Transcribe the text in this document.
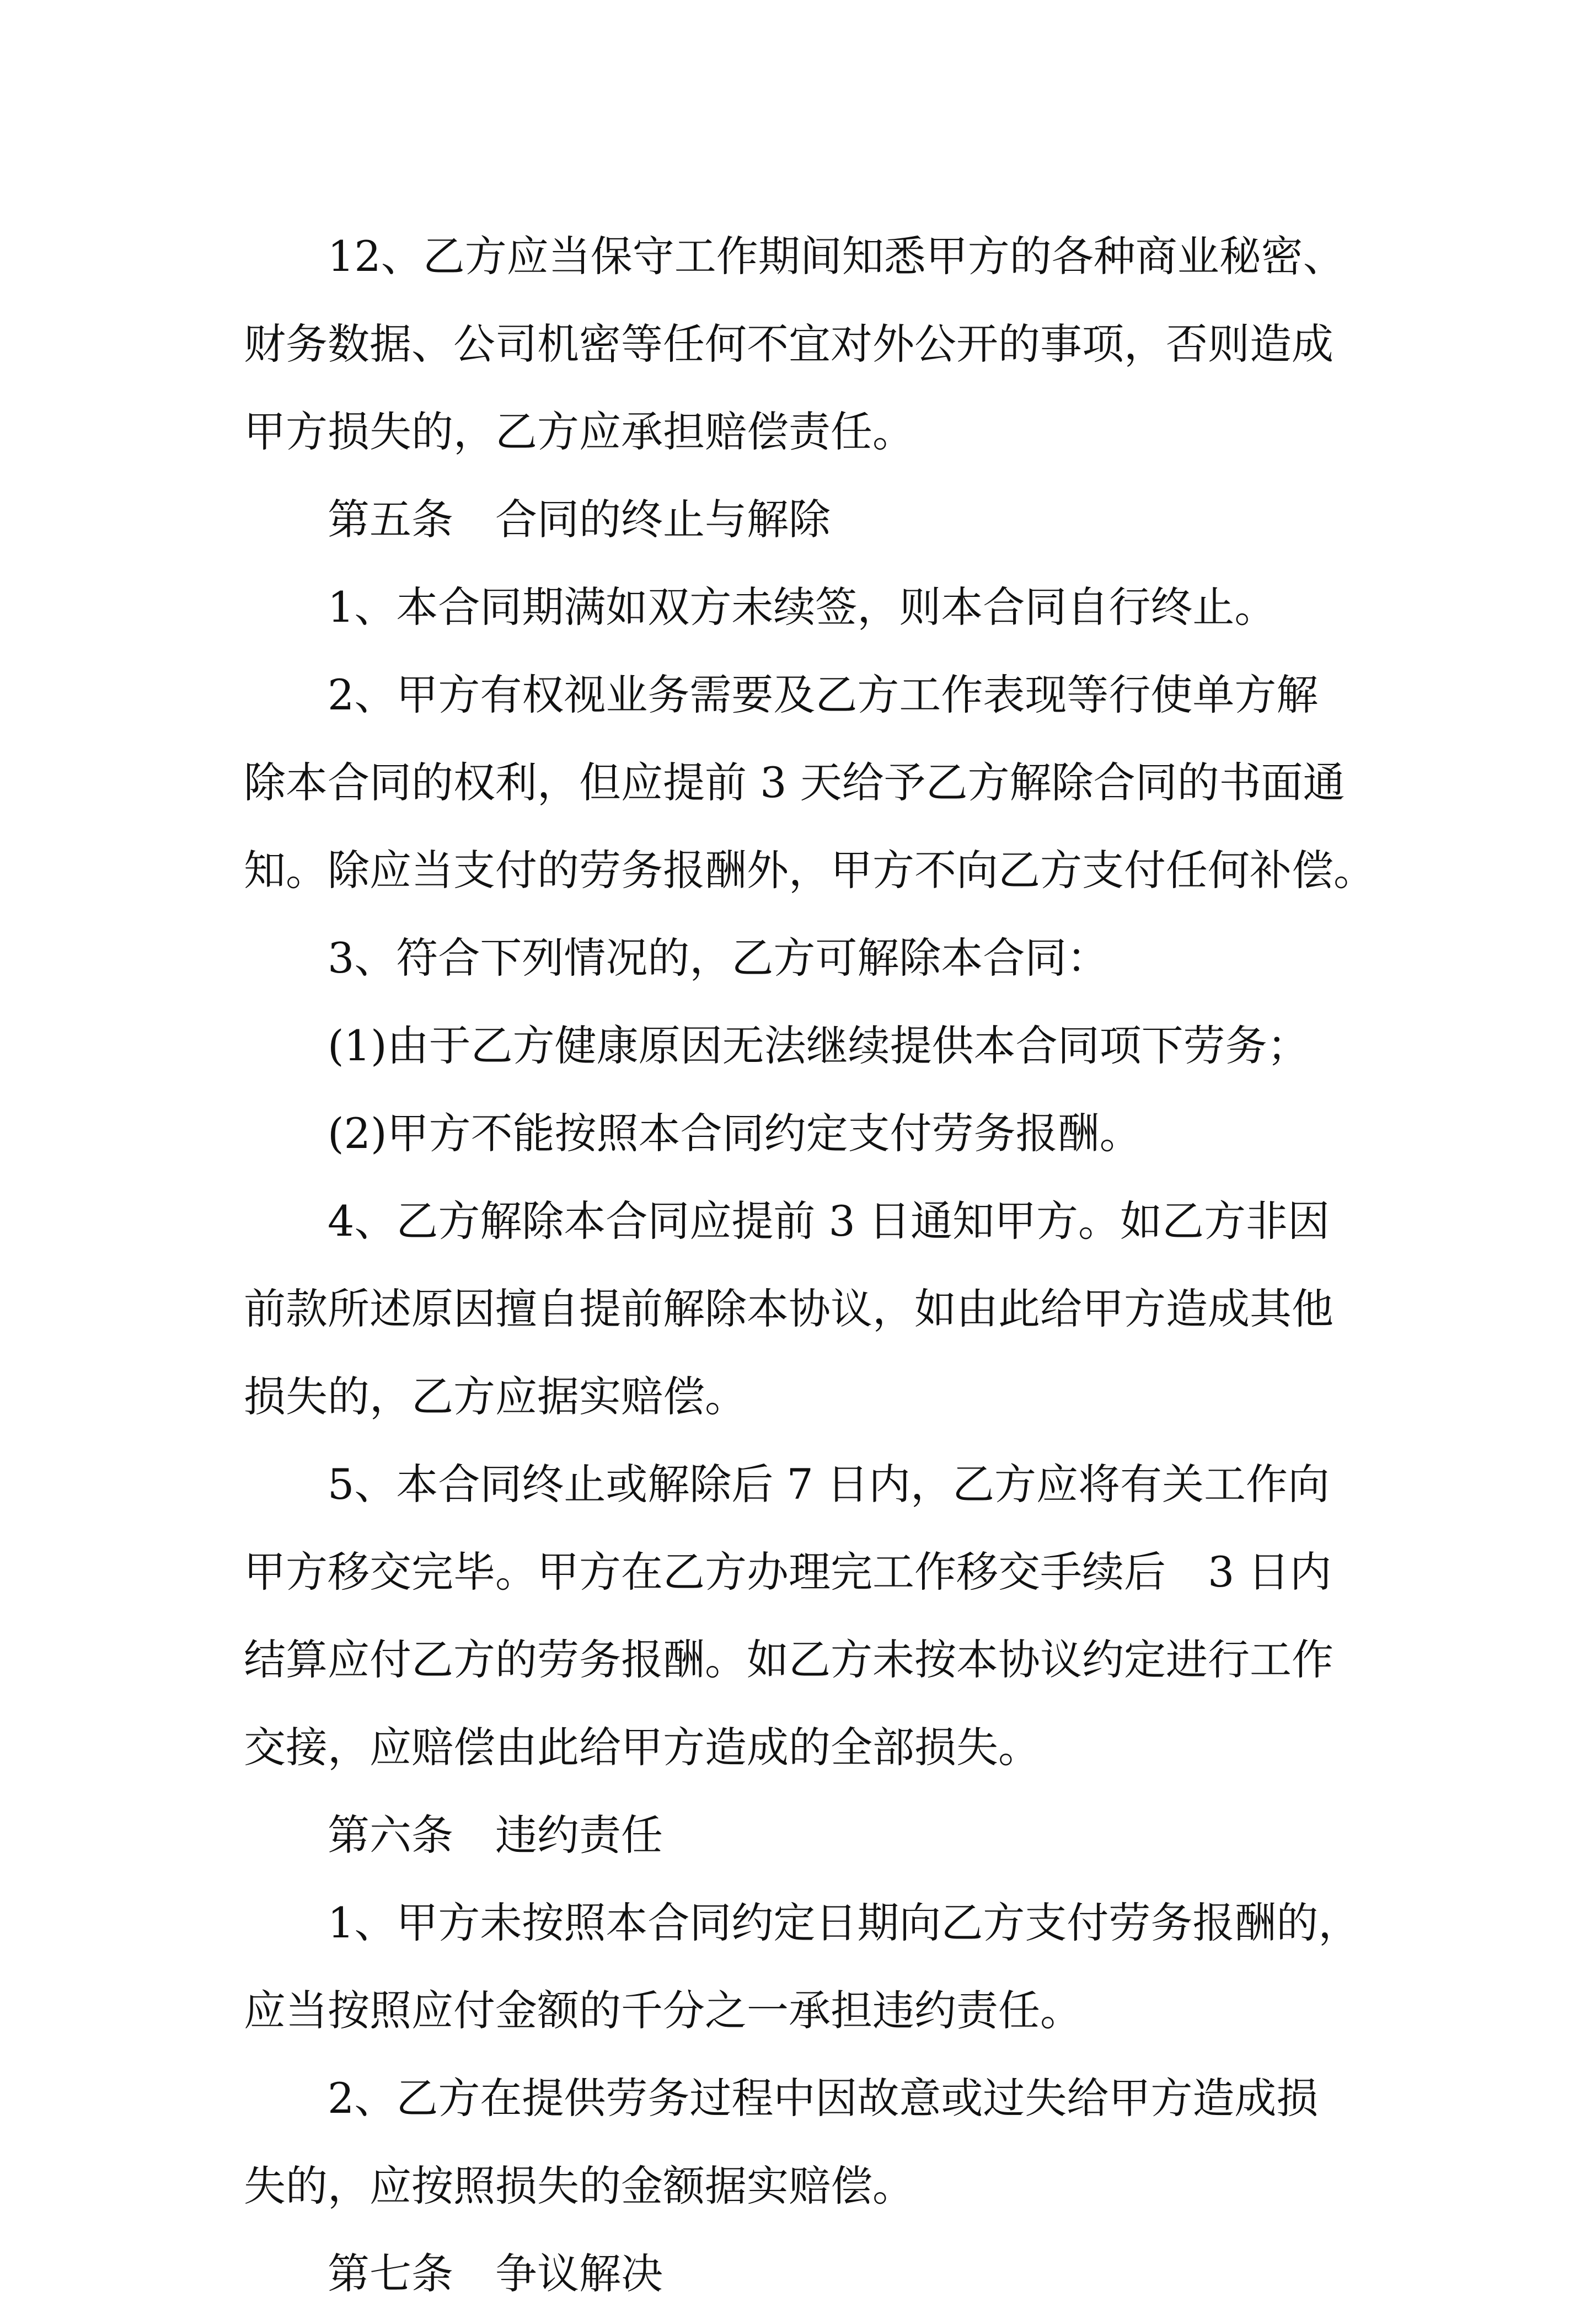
12、乙方应当保守工作期间知悉甲方的各种商业秘密、
财务数据、公司机密等任何不宜对外公开的事项，否则造成
甲方损失的，乙方应承担赔偿责任。
第五条　合同的终止与解除
1、本合同期满如双方未续签，则本合同自行终止。
2、甲方有权视业务需要及乙方工作表现等行使单方解
除本合同的权利，但应提前 3 天给予乙方解除合同的书面通
知。除应当支付的劳务报酬外，甲方不向乙方支付任何补偿。
3、符合下列情况的，乙方可解除本合同：
(1)由于乙方健康原因无法继续提供本合同项下劳务；
(2)甲方不能按照本合同约定支付劳务报酬。
4、乙方解除本合同应提前 3 日通知甲方。如乙方非因
前款所述原因擅自提前解除本协议，如由此给甲方造成其他
损失的，乙方应据实赔偿。
5、本合同终止或解除后 7 日内，乙方应将有关工作向
甲方移交完毕。甲方在乙方办理完工作移交手续后　3 日内
结算应付乙方的劳务报酬。如乙方未按本协议约定进行工作
交接，应赔偿由此给甲方造成的全部损失。
第六条　违约责任
1、甲方未按照本合同约定日期向乙方支付劳务报酬的，
应当按照应付金额的千分之一承担违约责任。
2、乙方在提供劳务过程中因故意或过失给甲方造成损
失的，应按照损失的金额据实赔偿。
第七条　争议解决
